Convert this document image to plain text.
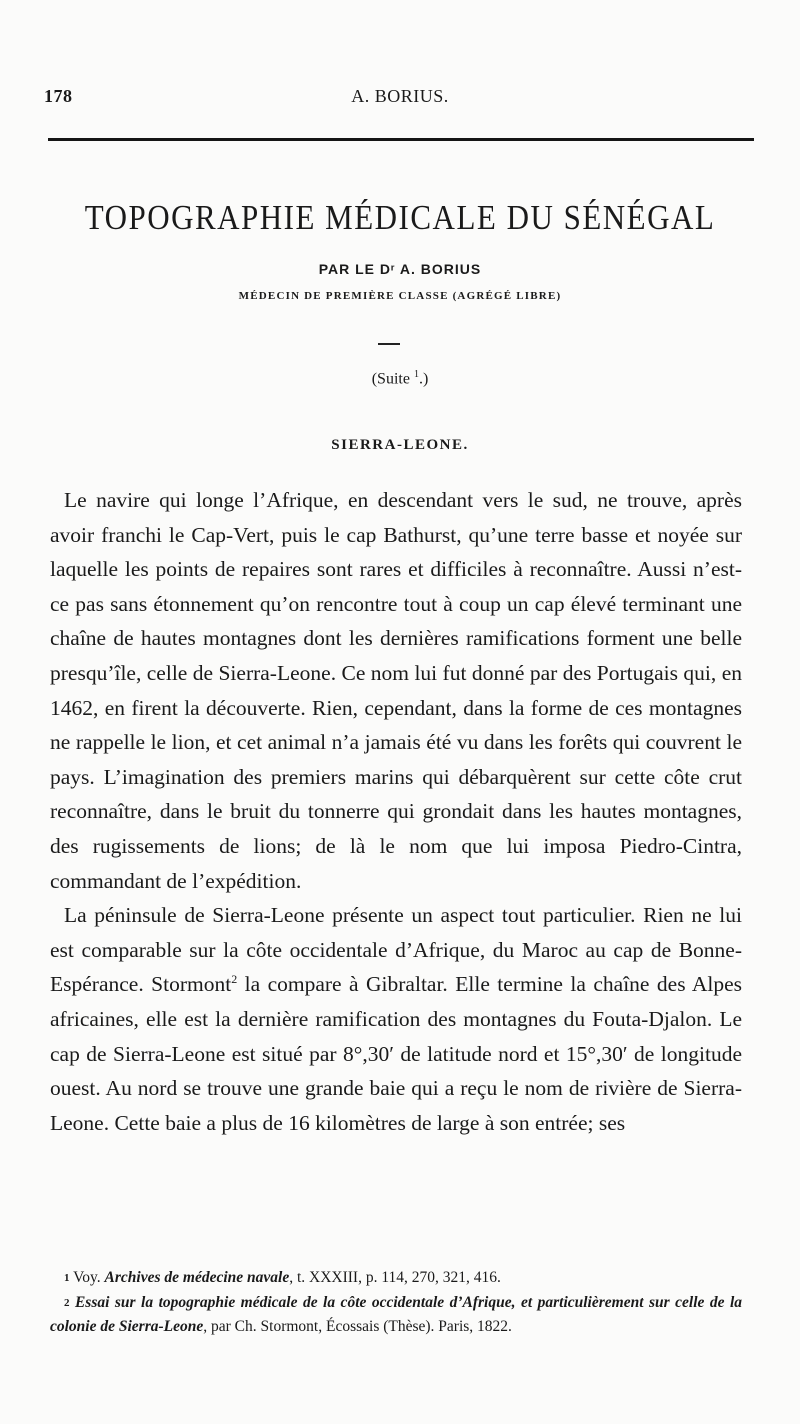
178	A. BORIUS.
TOPOGRAPHIE MÉDICALE DU SÉNÉGAL
PAR LE Dʳ A. BORIUS
MÉDECIN DE PREMIÈRE CLASSE (AGRÉGÉ LIBRE)
(Suite $^1$.)
SIERRA-LEONE.

Le navire qui longe l’Afrique, en descendant vers le sud, ne trouve, après avoir franchi le Cap-Vert, puis le cap Bathurst, qu’une terre basse et noyée sur laquelle les points de repaires sont rares et difficiles à reconnaître. Aussi n’est-ce pas sans étonnement qu’on rencontre tout à coup un cap élevé terminant une chaîne de hautes montagnes dont les dernières ramifications forment une belle presqu’île, celle de Sierra-Leone. Ce nom lui fut donné par des Portugais qui, en 1462, en firent la découverte. Rien, cependant, dans la forme de ces montagnes ne rappelle le lion, et cet animal n’a jamais été vu dans les forêts qui couvrent le pays. L’imagination des premiers marins qui débarquèrent sur cette côte crut reconnaître, dans le bruit du tonnerre qui grondait dans les hautes montagnes, des rugissements de lions; de là le nom que lui imposa Piedro-Cintra, commandant de l’expédition.

La péninsule de Sierra-Leone présente un aspect tout particulier. Rien ne lui est comparable sur la côte occidentale d’Afrique, du Maroc au cap de Bonne-Espérance. Stormont$^2$ la compare à Gibraltar. Elle termine la chaîne des Alpes africaines, elle est la dernière ramification des montagnes du Fouta-Djalon. Le cap de Sierra-Leone est situé par 8°,30′ de latitude nord et 15°,30′ de longitude ouest. Au nord se trouve une grande baie qui a reçu le nom de rivière de Sierra-Leone. Cette baie a plus de 16 kilomètres de large à son entrée; ses

$^1$ Voy. Archives de médecine navale, t. XXXIII, p. 114, 270, 321, 416.

$^2$ Essai sur la topographie médicale de la côte occidentale d’Afrique, et particulièrement sur celle de la colonie de Sierra-Leone, par Ch. Stormont, Écossais (Thèse). Paris, 1822.
